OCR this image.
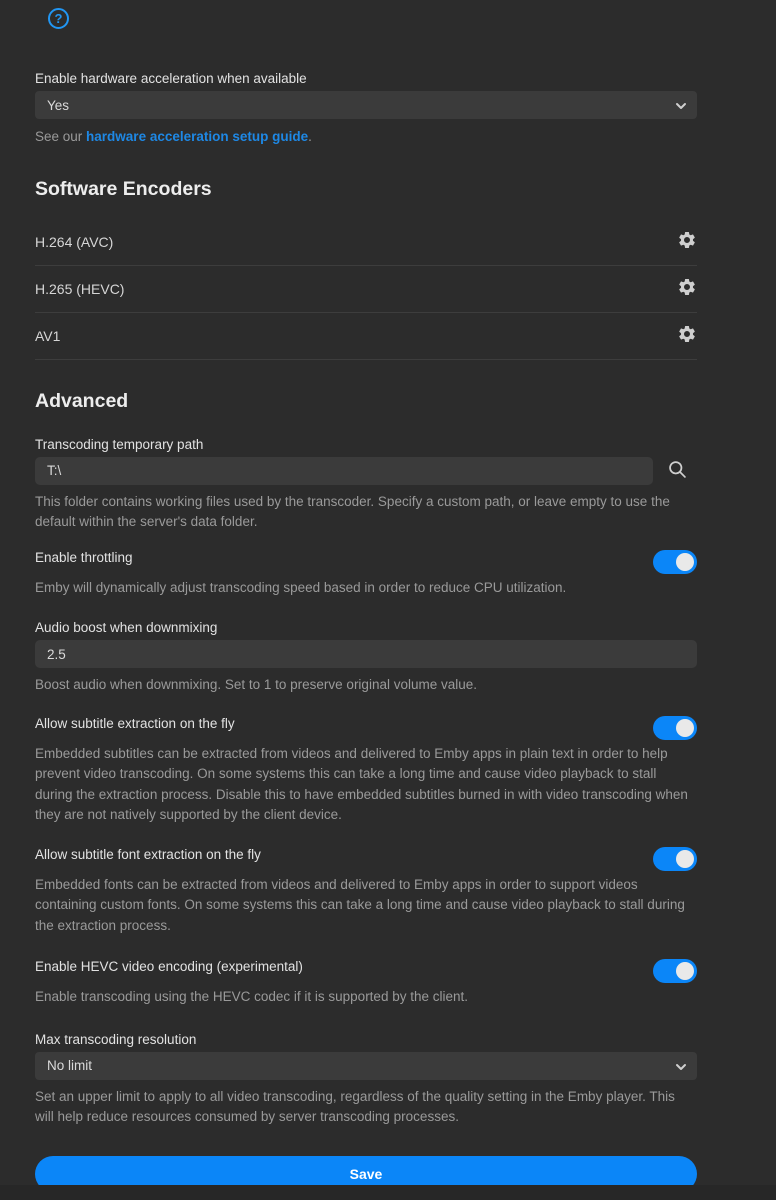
?
Enable hardware acceleration when available
Yes
See our hardware acceleration setup guide.
Software Encoders
H.264 (AVC)
H.265 (HEVC)
AV1
Advanced
Transcoding temporary path
T:\
This folder contains working files used by the transcoder. Specify a custom path, or leave empty to use the default within the server's data folder.
Enable throttling
Emby will dynamically adjust transcoding speed based in order to reduce CPU utilization.
Audio boost when downmixing
2.5
Boost audio when downmixing. Set to 1 to preserve original volume value.
Allow subtitle extraction on the fly
Embedded subtitles can be extracted from videos and delivered to Emby apps in plain text in order to help prevent video transcoding. On some systems this can take a long time and cause video playback to stall during the extraction process. Disable this to have embedded subtitles burned in with video transcoding when they are not natively supported by the client device.
Allow subtitle font extraction on the fly
Embedded fonts can be extracted from videos and delivered to Emby apps in order to support videos containing custom fonts. On some systems this can take a long time and cause video playback to stall during the extraction process.
Enable HEVC video encoding (experimental)
Enable transcoding using the HEVC codec if it is supported by the client.
Max transcoding resolution
No limit
Set an upper limit to apply to all video transcoding, regardless of the quality setting in the Emby player. This will help reduce resources consumed by server transcoding processes.
Save
